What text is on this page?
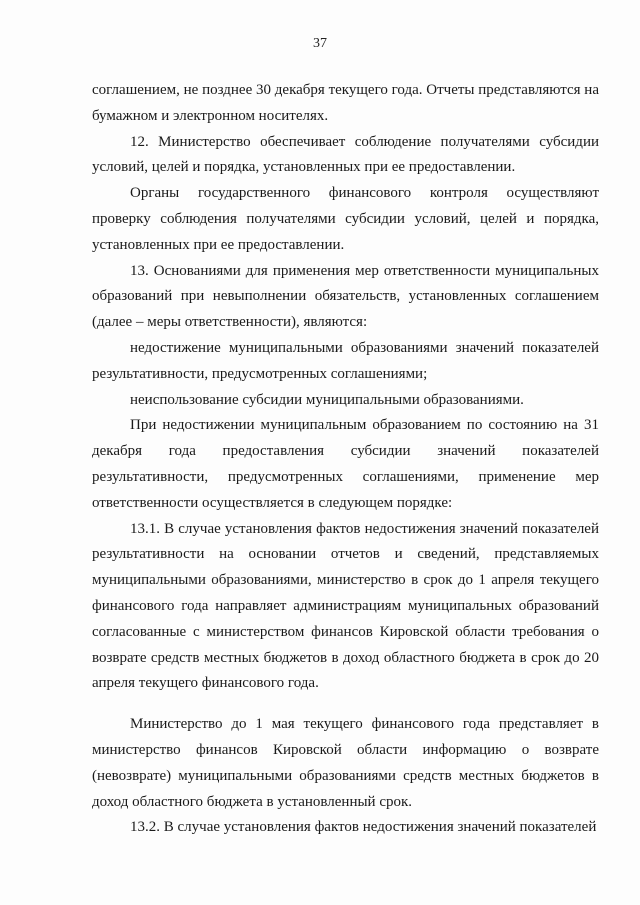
37

соглашением, не позднее 30 декабря текущего года. Отчеты представляются на бумажном и электронном носителях.

12. Министерство обеспечивает соблюдение получателями субсидии условий, целей и порядка, установленных при ее предоставлении.

Органы государственного финансового контроля осуществляют проверку соблюдения получателями субсидии условий, целей и порядка, установленных при ее предоставлении.

13. Основаниями для применения мер ответственности муниципальных образований при невыполнении обязательств, установленных соглашением (далее – меры ответственности), являются:

недостижение муниципальными образованиями значений показателей результативности, предусмотренных соглашениями;

неиспользование субсидии муниципальными образованиями.

При недостижении муниципальным образованием по состоянию на 31 декабря года предоставления субсидии значений показателей результативности, предусмотренных соглашениями, применение мер ответственности осуществляется в следующем порядке:

13.1. В случае установления фактов недостижения значений показателей результативности на основании отчетов и сведений, представляемых муниципальными образованиями, министерство в срок до 1 апреля текущего финансового года направляет администрациям муниципальных образований согласованные с министерством финансов Кировской области требования о возврате средств местных бюджетов в доход областного бюджета в срок до 20 апреля текущего финансового года.

Министерство до 1 мая текущего финансового года представляет в министерство финансов Кировской области информацию о возврате (невозврате) муниципальными образованиями средств местных бюджетов в доход областного бюджета в установленный срок.

13.2. В случае установления фактов недостижения значений показателей
